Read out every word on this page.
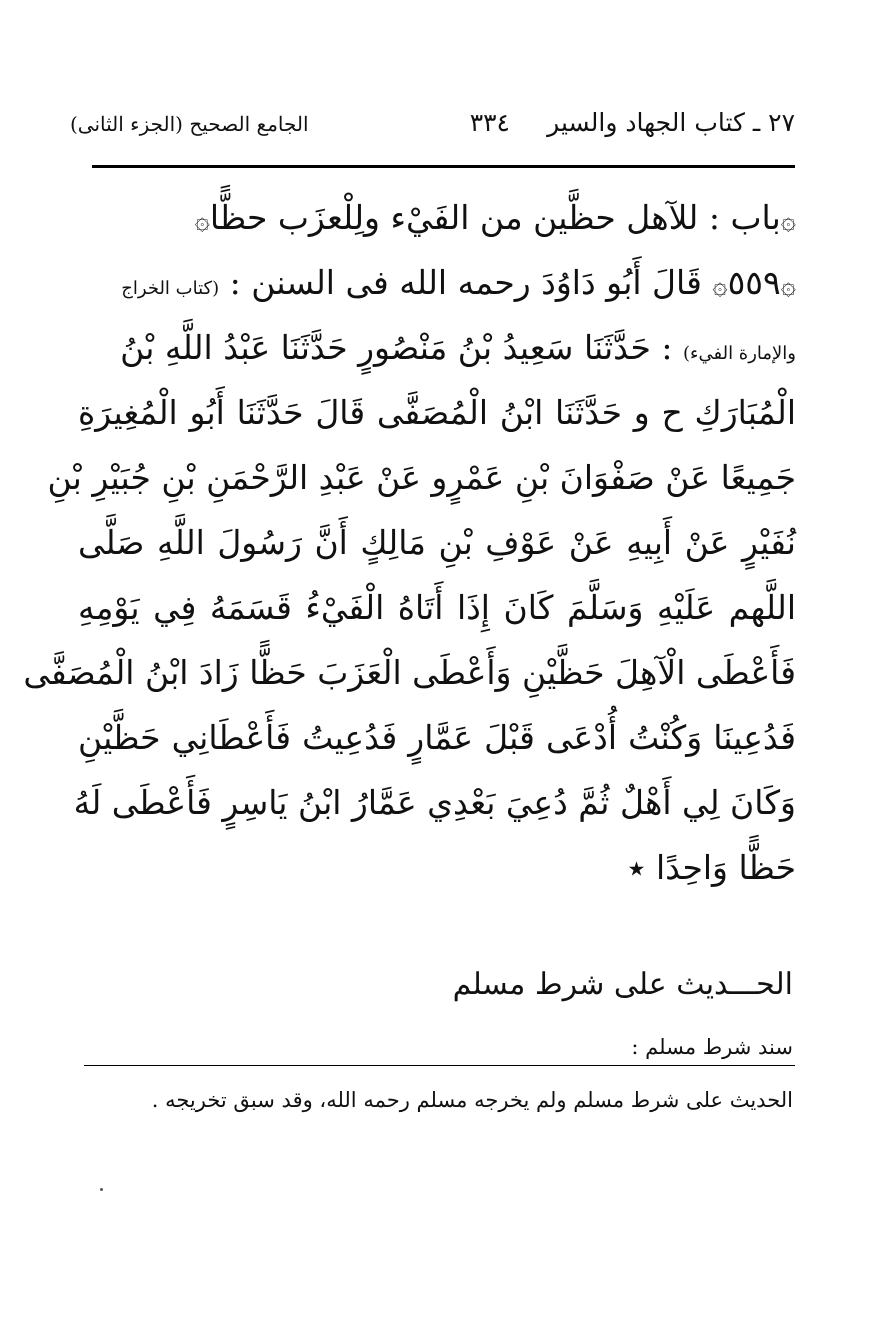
٢٧ ـ كتاب الجهاد والسير
٣٣٤
الجامع الصحيح (الجزء الثانى)
۞باب : للآهل حظَّين من الفَيْء ولِلْعزَب حظًّا۞
۞٥٥٩۞ قَالَ أَبُو دَاوُدَ رحمه الله فى السنن : (كتاب الخراج
والإمارة الفيء) : حَدَّثَنَا سَعِيدُ بْنُ مَنْصُورٍ حَدَّثَنَا عَبْدُ اللَّهِ بْنُ
الْمُبَارَكِ ح و حَدَّثَنَا ابْنُ الْمُصَفَّى قَالَ حَدَّثَنَا أَبُو الْمُغِيرَةِ
جَمِيعًا عَنْ صَفْوَانَ بْنِ عَمْرٍو عَنْ عَبْدِ الرَّحْمَنِ بْنِ جُبَيْرِ بْنِ
نُفَيْرٍ عَنْ أَبِيهِ عَنْ عَوْفِ بْنِ مَالِكٍ أَنَّ رَسُولَ اللَّهِ صَلَّى
اللَّهم عَلَيْهِ وَسَلَّمَ كَانَ إِذَا أَتَاهُ الْفَيْءُ قَسَمَهُ فِي يَوْمِهِ
فَأَعْطَى الْآهِلَ حَظَّيْنِ وَأَعْطَى الْعَزَبَ حَظًّا زَادَ ابْنُ الْمُصَفَّى
فَدُعِينَا وَكُنْتُ أُدْعَى قَبْلَ عَمَّارٍ فَدُعِيتُ فَأَعْطَانِي حَظَّيْنِ
وَكَانَ لِي أَهْلٌ ثُمَّ دُعِيَ بَعْدِي عَمَّارُ ابْنُ يَاسِرٍ فَأَعْطَى لَهُ
حَظًّا وَاحِدًا ٭
الحـــديث على شرط مسلم
سند شرط مسلم :
الحديث على شرط مسلم ولم يخرجه مسلم رحمه الله، وقد سبق تخريجه .
